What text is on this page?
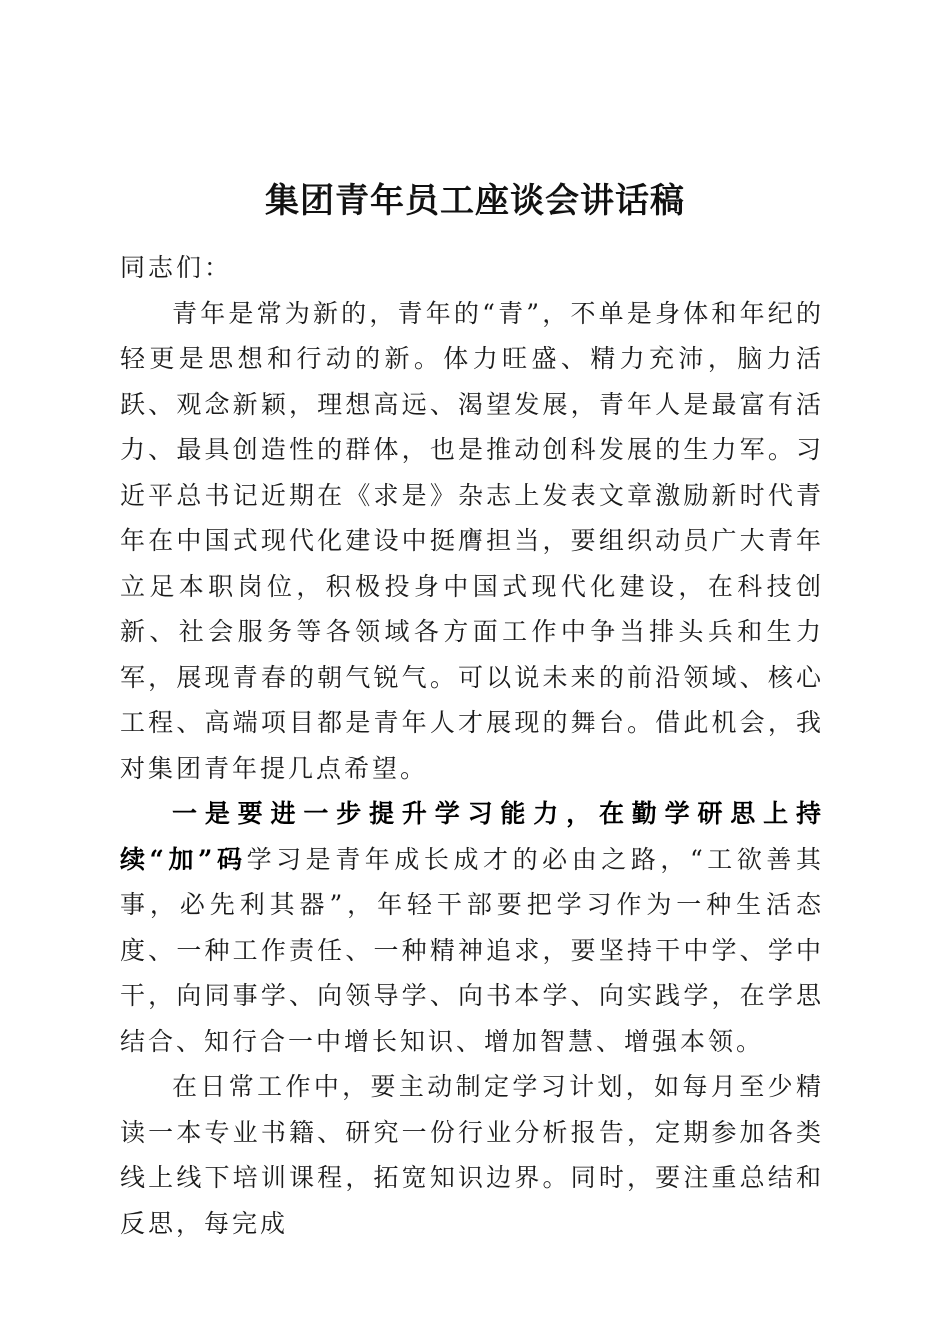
集团青年员工座谈会讲话稿

同志们：

青年是常为新的，青年的“青”，不单是身体和年纪的轻更是思想和行动的新。体力旺盛、精力充沛，脑力活跃、观念新颖，理想高远、渴望发展，青年人是最富有活力、最具创造性的群体，也是推动创科发展的生力军。习近平总书记近期在《求是》杂志上发表文章激励新时代青年在中国式现代化建设中挺膺担当，要组织动员广大青年立足本职岗位，积极投身中国式现代化建设，在科技创新、社会服务等各领域各方面工作中争当排头兵和生力军，展现青春的朝气锐气。可以说未来的前沿领域、核心工程、高端项目都是青年人才展现的舞台。借此机会，我对集团青年提几点希望。

一是要进一步提升学习能力，在勤学研思上持续“加”码学习是青年成长成才的必由之路，“工欲善其事，必先利其器”，年轻干部要把学习作为一种生活态度、一种工作责任、一种精神追求，要坚持干中学、学中干，向同事学、向领导学、向书本学、向实践学，在学思结合、知行合一中增长知识、增加智慧、增强本领。

在日常工作中，要主动制定学习计划，如每月至少精读一本专业书籍、研究一份行业分析报告，定期参加各类线上线下培训课程，拓宽知识边界。同时，要注重总结和反思，每完成
